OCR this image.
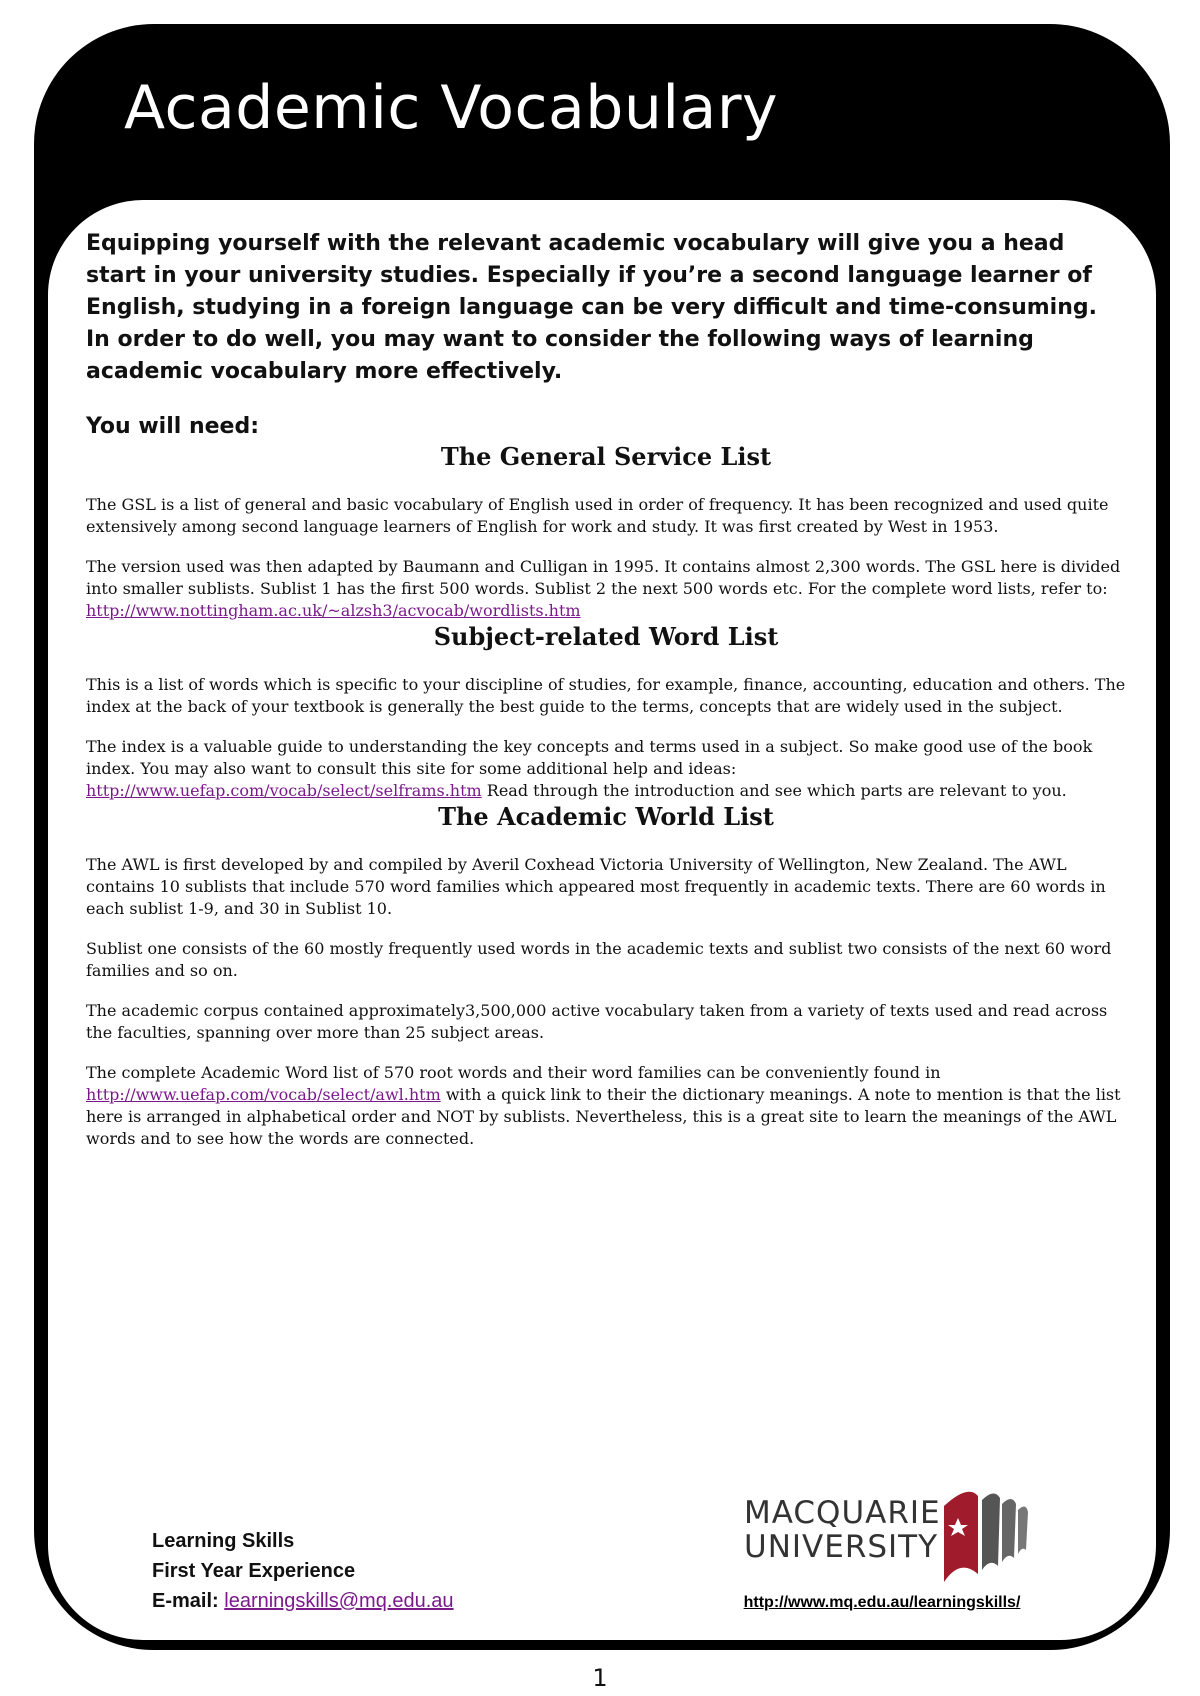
Academic Vocabulary

Equipping yourself with the relevant academic vocabulary will give you a head start in your university studies. Especially if you’re a second language learner of English, studying in a foreign language can be very difficult and time-consuming. In order to do well, you may want to consider the following ways of learning academic vocabulary more effectively.

You will need:

The General Service List

The GSL is a list of general and basic vocabulary of English used in order of frequency. It has been recognized and used quite extensively among second language learners of English for work and study. It was first created by West in 1953.

The version used was then adapted by Baumann and Culligan in 1995. It contains almost 2,300 words. The GSL here is divided into smaller sublists. Sublist 1 has the first 500 words. Sublist 2 the next 500 words etc. For the complete word lists, refer to: http://www.nottingham.ac.uk/~alzsh3/acvocab/wordlists.htm

Subject-related Word List

This is a list of words which is specific to your discipline of studies, for example, finance, accounting, education and others. The index at the back of your textbook is generally the best guide to the terms, concepts that are widely used in the subject.

The index is a valuable guide to understanding the key concepts and terms used in a subject. So make good use of the book index. You may also want to consult this site for some additional help and ideas: http://www.uefap.com/vocab/select/selframs.htm Read through the introduction and see which parts are relevant to you.

The Academic World List

The AWL is first developed by and compiled by Averil Coxhead Victoria University of Wellington, New Zealand. The AWL contains 10 sublists that include 570 word families which appeared most frequently in academic texts. There are 60 words in each sublist 1-9, and 30 in Sublist 10.

Sublist one consists of the 60 mostly frequently used words in the academic texts and sublist two consists of the next 60 word families and so on.

The academic corpus contained approximately3,500,000 active vocabulary taken from a variety of texts used and read across the faculties, spanning over more than 25 subject areas.

The complete Academic Word list of 570 root words and their word families can be conveniently found in http://www.uefap.com/vocab/select/awl.htm with a quick link to their the dictionary meanings. A note to mention is that the list here is arranged in alphabetical order and NOT by sublists. Nevertheless, this is a great site to learn the meanings of the AWL words and to see how the words are connected.

Learning Skills
First Year Experience
E-mail: learningskills@mq.edu.au
MACQUARIE
UNIVERSITY
http://www.mq.edu.au/learningskills/
1
